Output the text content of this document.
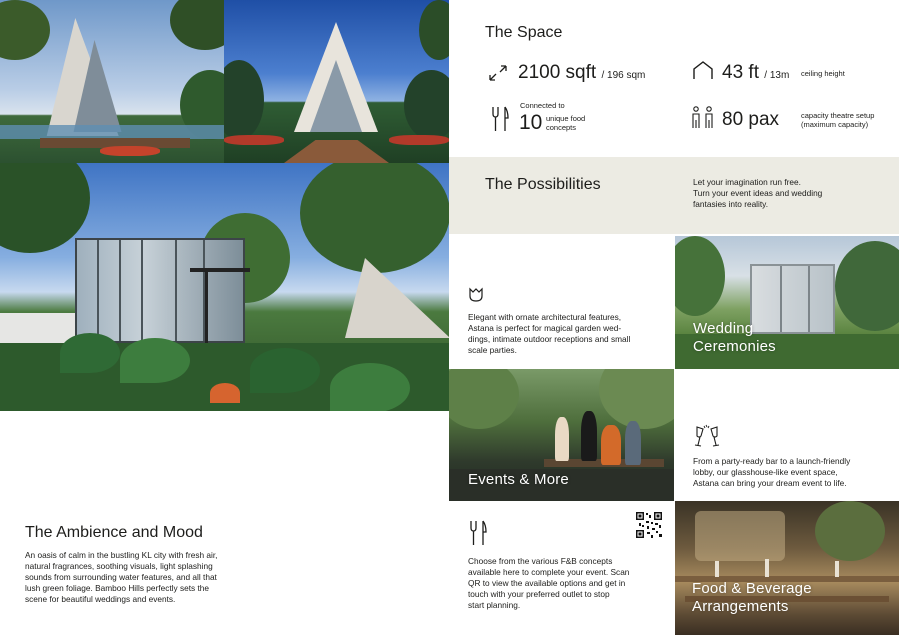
The Space
2100 sqft / 196 sqm	43 ft / 13m ceiling height
Connected to
10 unique food
concepts	80 pax	capacity theatre setup
(maximum capacity)
The Possibilities	Let your imagination run free.
Turn your event ideas and wedding
fantasies into reality.
Elegant with ornate architectural features,
Astana is perfect for magical garden wed-
dings, intimate outdoor receptions and small
scale parties.
Wedding
Ceremonies
Events & More
From a party-ready bar to a launch-friendly
lobby, our glasshouse-like event space,
Astana can bring your dream event to life.
The Ambience and Mood
An oasis of calm in the bustling KL city with fresh air,
natural fragrances, soothing visuals, light splashing
sounds from surrounding water features, and all that
lush green foliage. Bamboo Hills perfectly sets the
scene for beautiful weddings and events.
Choose from the various F&B concepts
available here to complete your event. Scan
QR to view the available options and get in
touch with your preferred outlet to stop
start planning.
Food & Beverage
Arrangements
